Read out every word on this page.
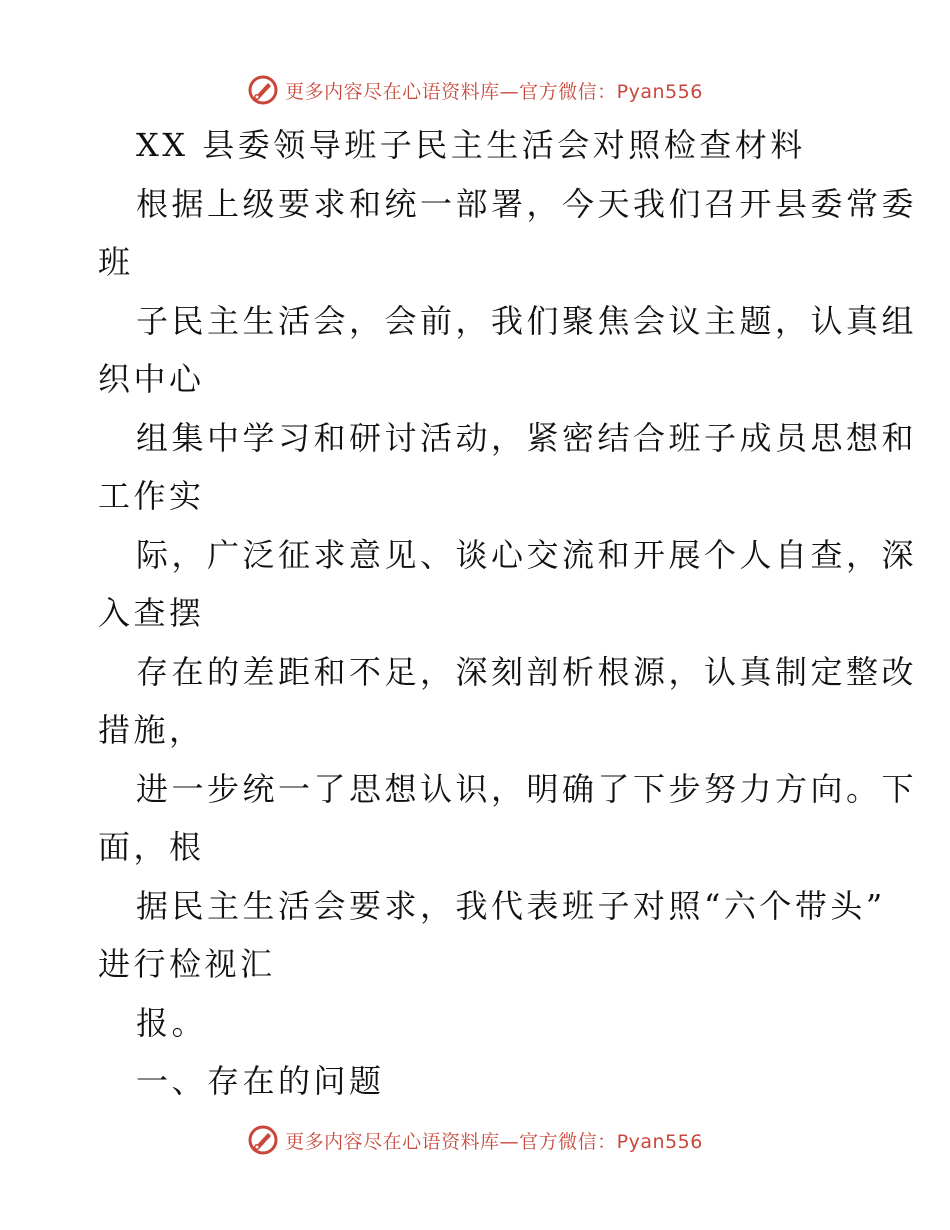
更多内容尽在心语资料库—官方微信：Pyan556
XX 县委领导班子民主生活会对照检查材料
根据上级要求和统一部署，今天我们召开县委常委
班
子民主生活会，会前，我们聚焦会议主题，认真组
织中心
组集中学习和研讨活动，紧密结合班子成员思想和
工作实
际，广泛征求意见、谈心交流和开展个人自查，深
入查摆
存在的差距和不足，深刻剖析根源，认真制定整改
措施，
进一步统一了思想认识，明确了下步努力方向。下
面，根
据民主生活会要求，我代表班子对照“六个带头”
进行检视汇
报。
一、存在的问题
更多内容尽在心语资料库—官方微信：Pyan556
